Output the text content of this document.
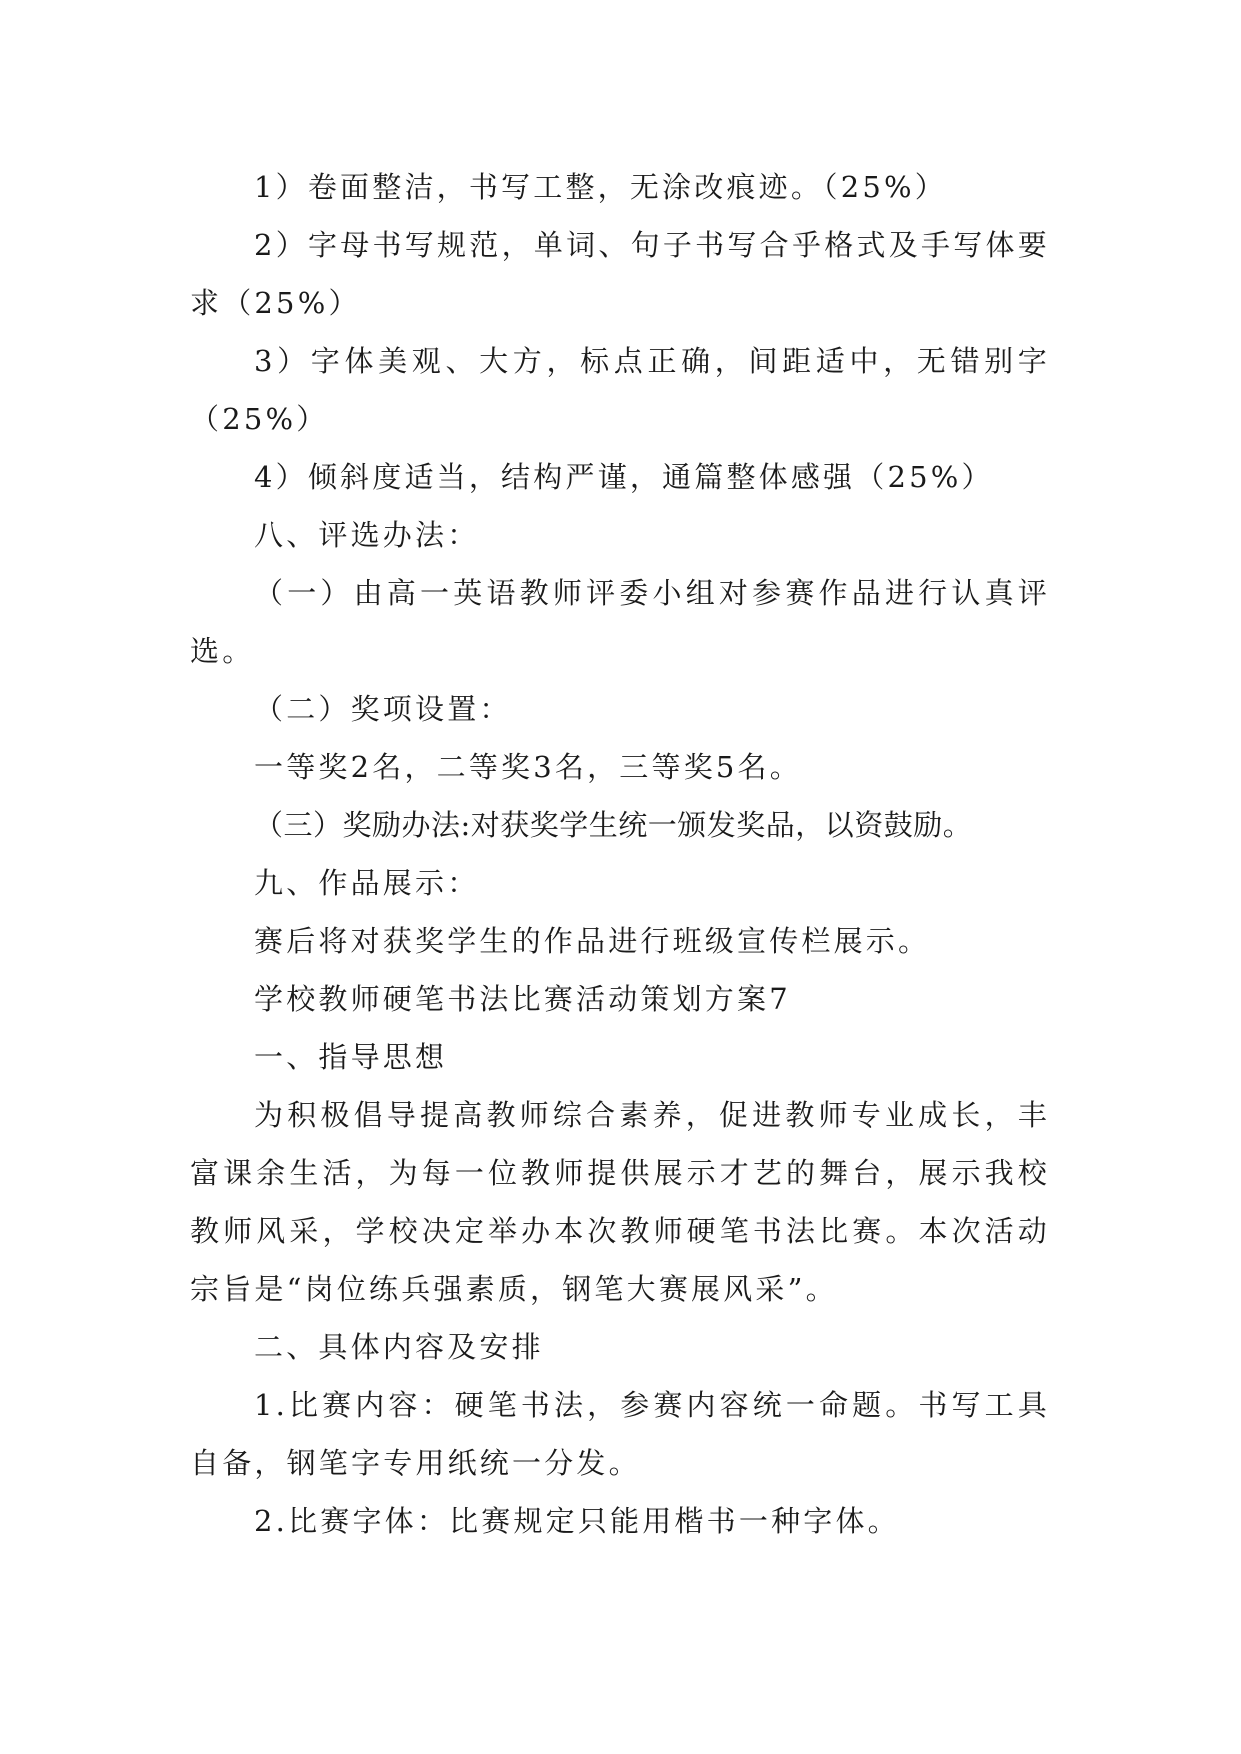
1）卷面整洁，书写工整，无涂改痕迹。（25%）

2）字母书写规范，单词、句子书写合乎格式及手写体要求（25%）

3）字体美观、大方，标点正确，间距适中，无错别字（25%）

4）倾斜度适当，结构严谨，通篇整体感强（25%）

八、评选办法：

（一）由高一英语教师评委小组对参赛作品进行认真评选。

（二）奖项设置：

一等奖2名，二等奖3名，三等奖5名。

（三）奖励办法:对获奖学生统一颁发奖品，以资鼓励。

九、作品展示：

赛后将对获奖学生的作品进行班级宣传栏展示。

学校教师硬笔书法比赛活动策划方案7

一、指导思想

为积极倡导提高教师综合素养，促进教师专业成长，丰富课余生活，为每一位教师提供展示才艺的舞台，展示我校教师风采，学校决定举办本次教师硬笔书法比赛。本次活动宗旨是“岗位练兵强素质，钢笔大赛展风采”。

二、具体内容及安排

1.比赛内容：硬笔书法，参赛内容统一命题。书写工具自备，钢笔字专用纸统一分发。

2.比赛字体：比赛规定只能用楷书一种字体。
